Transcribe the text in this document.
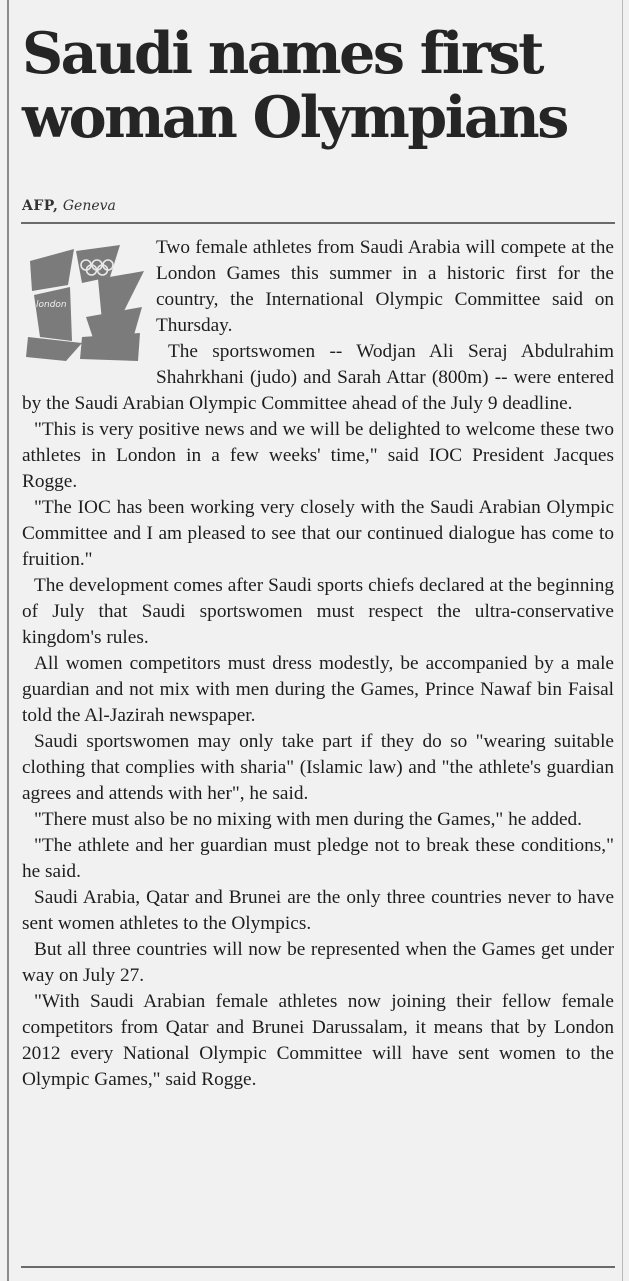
Saudi names first
woman Olympians
AFP, Geneva
london

Two female athletes from Saudi Arabia will compete at the London Games this summer in a historic first for the country, the International Olympic Committee said on Thursday.

The sportswomen -- Wodjan Ali Seraj Abdulrahim Shahrkhani (judo) and Sarah Attar (800m) -- were entered by the Saudi Arabian Olympic Committee ahead of the July 9 deadline.

"This is very positive news and we will be delighted to welcome these two athletes in London in a few weeks' time," said IOC President Jacques Rogge.

"The IOC has been working very closely with the Saudi Arabian Olympic Committee and I am pleased to see that our continued dialogue has come to fruition."

The development comes after Saudi sports chiefs declared at the beginning of July that Saudi sportswomen must respect the ultra-conservative kingdom's rules.

All women competitors must dress modestly, be accompanied by a male guardian and not mix with men during the Games, Prince Nawaf bin Faisal told the Al-Jazirah newspaper.

Saudi sportswomen may only take part if they do so "wearing suitable clothing that complies with sharia" (Islamic law) and "the athlete's guardian agrees and attends with her", he said.

"There must also be no mixing with men during the Games," he added.

"The athlete and her guardian must pledge not to break these conditions," he said.

Saudi Arabia, Qatar and Brunei are the only three countries never to have sent women athletes to the Olympics.

But all three countries will now be represented when the Games get under way on July 27.

"With Saudi Arabian female athletes now joining their fellow female competitors from Qatar and Brunei Darussalam, it means that by London 2012 every National Olympic Committee will have sent women to the Olympic Games," said Rogge.
